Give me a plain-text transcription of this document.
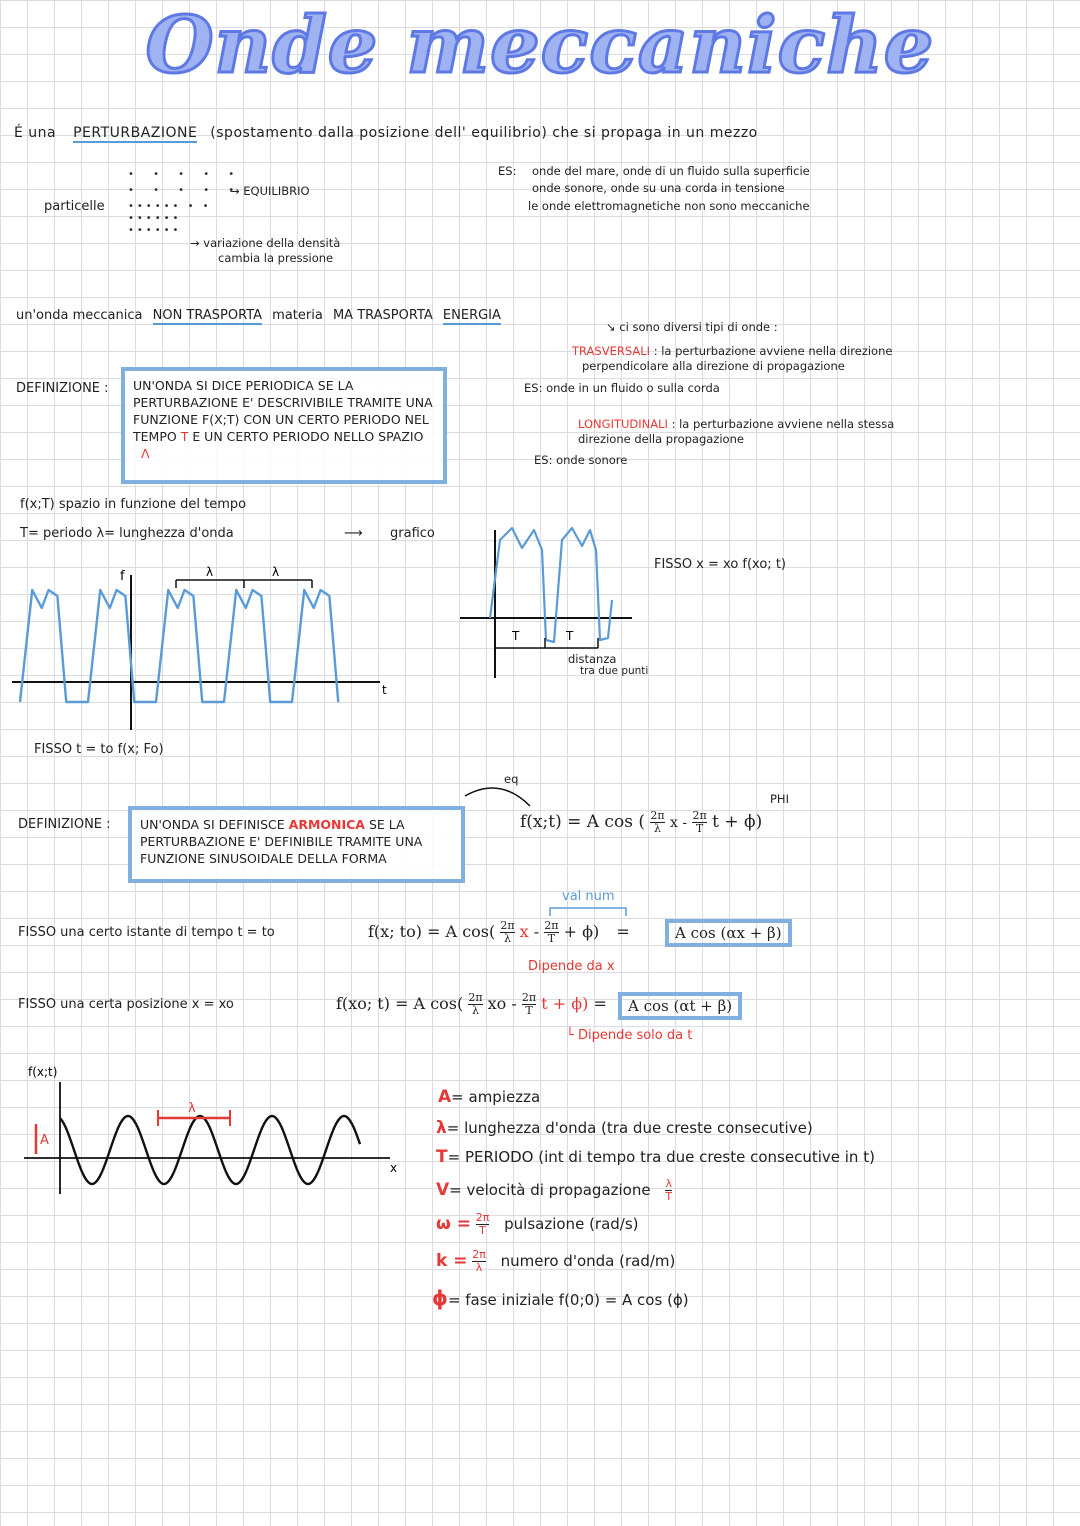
Onde meccaniche
É una PERTURBAZIONE (spostamento dalla posizione dell' equilibrio) che si propaga in un mezzo
particelle
• • • • •
• • • • •
•••••• • •
••••••
••••••
→ EQUILIBRIO
→ variazione della densità
cambia la pressione
ES: onde del mare, onde di un fluido sulla superficie
onde sonore, onde su una corda in tensione
le onde elettromagnetiche non sono meccaniche
un'onda meccanica NON TRASPORTA materia MA TRASPORTA ENERGIA
↘ ci sono diversi tipi di onde :
TRASVERSALI : la perturbazione avviene nella direzione
perpendicolare alla direzione di propagazione
ES: onde in un fluido o sulla corda
LONGITUDINALI : la perturbazione avviene nella stessa
direzione della propagazione
ES: onde sonore
DEFINIZIONE :	UN'ONDA SI DICE PERIODICA SE LA PERTURBAZIONE E' DESCRIVIBILE TRAMITE UNA FUNZIONE F(X;T) CON UN CERTO PERIODO NEL TEMPO T E UN CERTO PERIODO NELLO SPAZIO Λ
f(x;T) spazio in funzione del tempo
T= periodo λ= lunghezza d'onda	⟶ grafico
f
t
λ	λ
T	T
distanza
tra due punti
FISSO x = xo f(xo; t)
FISSO t = to f(x; Fo)
DEFINIZIONE :	UN'ONDA SI DEFINISCE ARMONICA SE LA PERTURBAZIONE E' DEFINIBILE TRAMITE UNA FUNZIONE SINUSOIDALE DELLA FORMA
eq
PHI
f(x;t) = A cos ( $\frac{2\pi}{\lambda}$ x - $\frac{2\pi}{T}$ t + ϕ)
FISSO una certo istante di tempo t = to
val num
f(x; to) = A $\cos( \frac{2\pi}{\lambda}$ $x - \frac{2\pi}{T} + \phi$) =	A cos (αx + β)
Dipende da x
FISSO una certa posizione x = xo	f(xo; t) = A $\cos( \frac{2\pi}{\lambda}$ xo - $\frac{2\pi}{T}$ t + ϕ) =	A cos (αt + β)
└ Dipende solo da t
f(x;t)
x
A
λ
A= ampiezza
λ= lunghezza d'onda (tra due creste consecutive)
T= PERIODO (int di tempo tra due creste consecutive in t)
V= velocità di propagazione $\frac{\lambda}{T}$
$\omega = \frac{2\pi}{T}$ pulsazione (rad/s)
$k = \frac{2\pi}{\lambda}$ numero d'onda (rad/m)
ϕ= fase iniziale f(0;0) = A cos (ϕ)
